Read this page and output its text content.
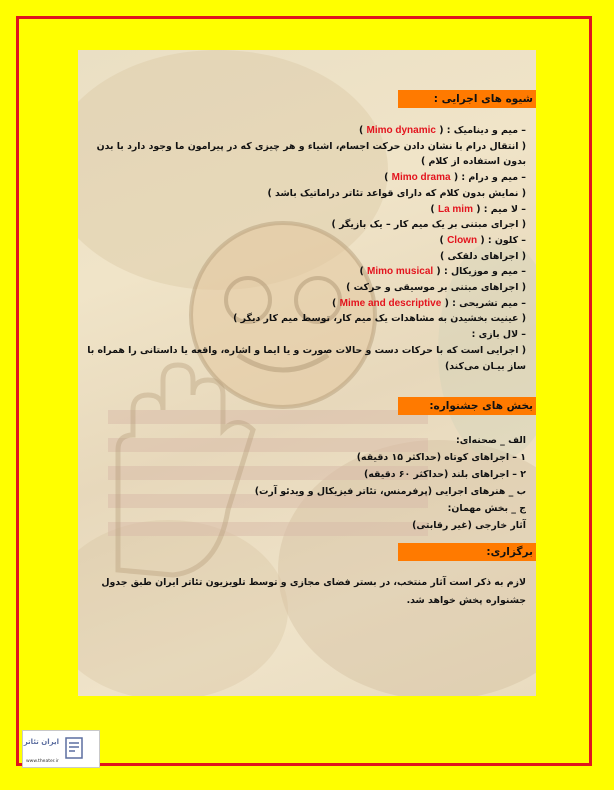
شیوه های اجرایی :
– میم و دینامیک : ( Mimo dynamic )
( انتقال درام با نشان دادن حرکت اجسام، اشیاء و هر چیزی که در پیرامون ما وجود دارد با بدن بدون استفاده از کلام )
– میم و درام : ( Mimo drama )
( نمایش بدون کلام که دارای قواعد تئاتر دراماتیک باشد )
– لا میم : ( La mim )
( اجرای مبتنی بر یک میم کار – یک بازیگر )
– کلون : ( Clown )
( اجراهای دلقکی )
– میم و موزیکال : ( Mimo musical )
( اجراهای مبتنی بر موسیقی و حرکت )
– میم تشریحی : ( Mime and descriptive )
( عینیت بخشیدن به مشاهدات یک میم کار، توسط میم کار دیگر )
– لال بازی :
( اجرایی است که با حرکات دست و حالات صورت و یا ایما و اشاره، واقعه یا داستانی را همراه با ساز بیـان می‌کند)
بخش های جشنواره:
الف _ صحنه‌ای:
۱ – اجراهای کوتاه (حداکثر ۱۵ دقیقه)
۲ – اجراهای بلند (حداکثر ۶۰ دقیقه)
ب _ هنرهای اجرایی (پرفرمنس، تئاتر فیزیکال و ویدئو آرت)
ج _ بخش مهمان:
آثار خارجی (غیر رقابتی)
برگزاری:
لازم به ذکر است آثار منتخب، در بستر فضای مجازی و توسط تلویزیون تئاتر ایران طبق جدول جشنواره پخش خواهد شد.
ایران تئاتر
www.theater.ir
